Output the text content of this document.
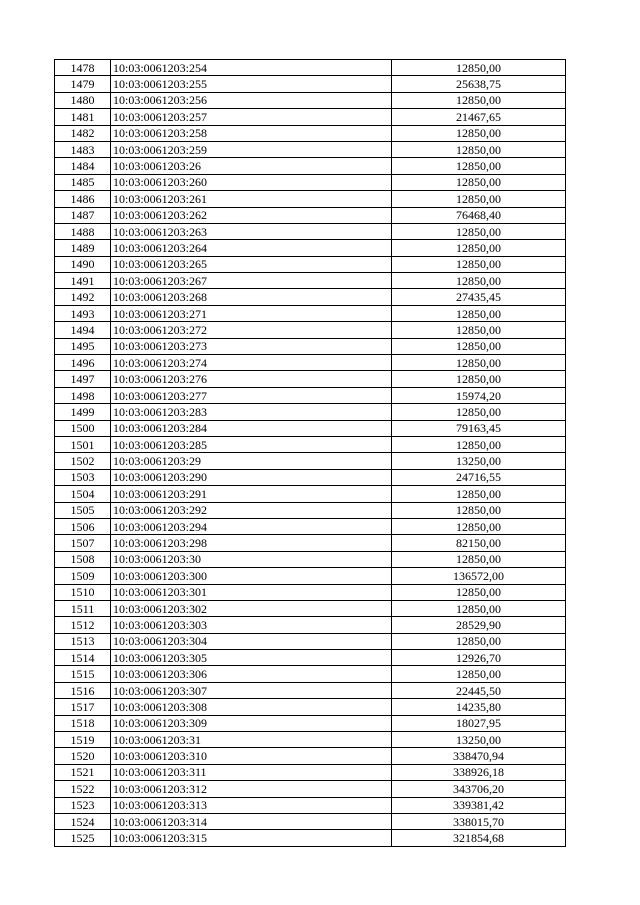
1478	10:03:0061203:254	12850,00
1479	10:03:0061203:255	25638,75
1480	10:03:0061203:256	12850,00
1481	10:03:0061203:257	21467,65
1482	10:03:0061203:258	12850,00
1483	10:03:0061203:259	12850,00
1484	10:03:0061203:26	12850,00
1485	10:03:0061203:260	12850,00
1486	10:03:0061203:261	12850,00
1487	10:03:0061203:262	76468,40
1488	10:03:0061203:263	12850,00
1489	10:03:0061203:264	12850,00
1490	10:03:0061203:265	12850,00
1491	10:03:0061203:267	12850,00
1492	10:03:0061203:268	27435,45
1493	10:03:0061203:271	12850,00
1494	10:03:0061203:272	12850,00
1495	10:03:0061203:273	12850,00
1496	10:03:0061203:274	12850,00
1497	10:03:0061203:276	12850,00
1498	10:03:0061203:277	15974,20
1499	10:03:0061203:283	12850,00
1500	10:03:0061203:284	79163,45
1501	10:03:0061203:285	12850,00
1502	10:03:0061203:29	13250,00
1503	10:03:0061203:290	24716,55
1504	10:03:0061203:291	12850,00
1505	10:03:0061203:292	12850,00
1506	10:03:0061203:294	12850,00
1507	10:03:0061203:298	82150,00
1508	10:03:0061203:30	12850,00
1509	10:03:0061203:300	136572,00
1510	10:03:0061203:301	12850,00
1511	10:03:0061203:302	12850,00
1512	10:03:0061203:303	28529,90
1513	10:03:0061203:304	12850,00
1514	10:03:0061203:305	12926,70
1515	10:03:0061203:306	12850,00
1516	10:03:0061203:307	22445,50
1517	10:03:0061203:308	14235,80
1518	10:03:0061203:309	18027,95
1519	10:03:0061203:31	13250,00
1520	10:03:0061203:310	338470,94
1521	10:03:0061203:311	338926,18
1522	10:03:0061203:312	343706,20
1523	10:03:0061203:313	339381,42
1524	10:03:0061203:314	338015,70
1525	10:03:0061203:315	321854,68
